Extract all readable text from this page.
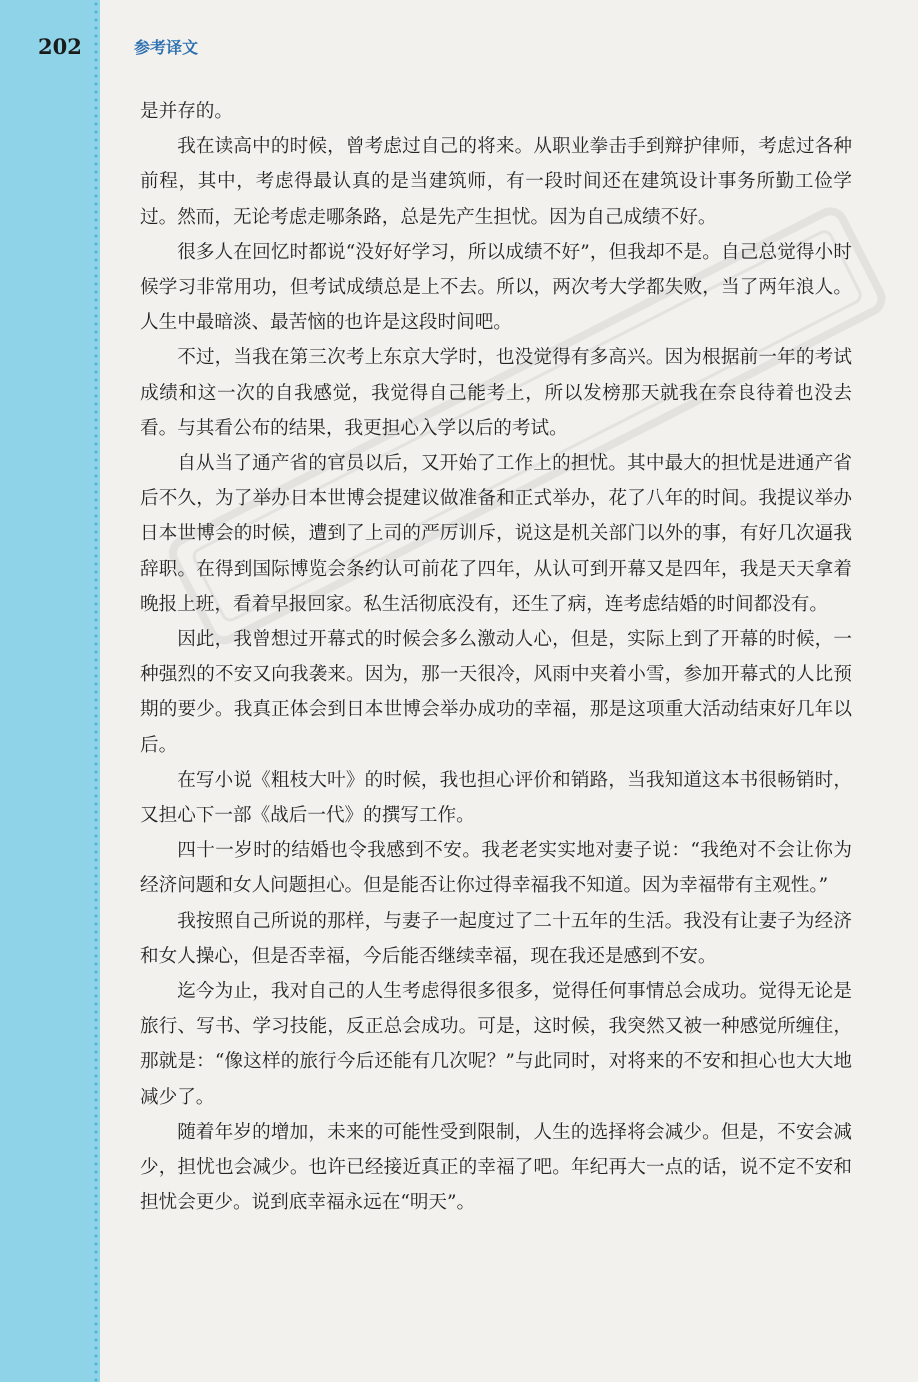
202	参考译文

是并存的。

我在读高中的时候，曾考虑过自己的将来。从职业拳击手到辩护律师，考虑过各种前程，其中，考虑得最认真的是当建筑师，有一段时间还在建筑设计事务所勤工俭学过。然而，无论考虑走哪条路，总是先产生担忧。因为自己成绩不好。

很多人在回忆时都说“没好好学习，所以成绩不好”，但我却不是。自己总觉得小时候学习非常用功，但考试成绩总是上不去。所以，两次考大学都失败，当了两年浪人。人生中最暗淡、最苦恼的也许是这段时间吧。

不过，当我在第三次考上东京大学时，也没觉得有多高兴。因为根据前一年的考试成绩和这一次的自我感觉，我觉得自己能考上，所以发榜那天就我在奈良待着也没去看。与其看公布的结果，我更担心入学以后的考试。

自从当了通产省的官员以后，又开始了工作上的担忧。其中最大的担忧是进通产省后不久，为了举办日本世博会提建议做准备和正式举办，花了八年的时间。我提议举办日本世博会的时候，遭到了上司的严厉训斥，说这是机关部门以外的事，有好几次逼我辞职。在得到国际博览会条约认可前花了四年，从认可到开幕又是四年，我是天天拿着晚报上班，看着早报回家。私生活彻底没有，还生了病，连考虑结婚的时间都没有。

因此，我曾想过开幕式的时候会多么激动人心，但是，实际上到了开幕的时候，一种强烈的不安又向我袭来。因为，那一天很冷，风雨中夹着小雪，参加开幕式的人比预期的要少。我真正体会到日本世博会举办成功的幸福，那是这项重大活动结束好几年以后。

在写小说《粗枝大叶》的时候，我也担心评价和销路，当我知道这本书很畅销时，又担心下一部《战后一代》的撰写工作。

四十一岁时的结婚也令我感到不安。我老老实实地对妻子说：“我绝对不会让你为经济问题和女人问题担心。但是能否让你过得幸福我不知道。因为幸福带有主观性。”

我按照自己所说的那样，与妻子一起度过了二十五年的生活。我没有让妻子为经济和女人操心，但是否幸福，今后能否继续幸福，现在我还是感到不安。

迄今为止，我对自己的人生考虑得很多很多，觉得任何事情总会成功。觉得无论是旅行、写书、学习技能，反正总会成功。可是，这时候，我突然又被一种感觉所缠住，那就是：“像这样的旅行今后还能有几次呢？”与此同时，对将来的不安和担心也大大地减少了。

随着年岁的增加，未来的可能性受到限制，人生的选择将会减少。但是，不安会减少，担忧也会减少。也许已经接近真正的幸福了吧。年纪再大一点的话，说不定不安和担忧会更少。说到底幸福永远在“明天”。
